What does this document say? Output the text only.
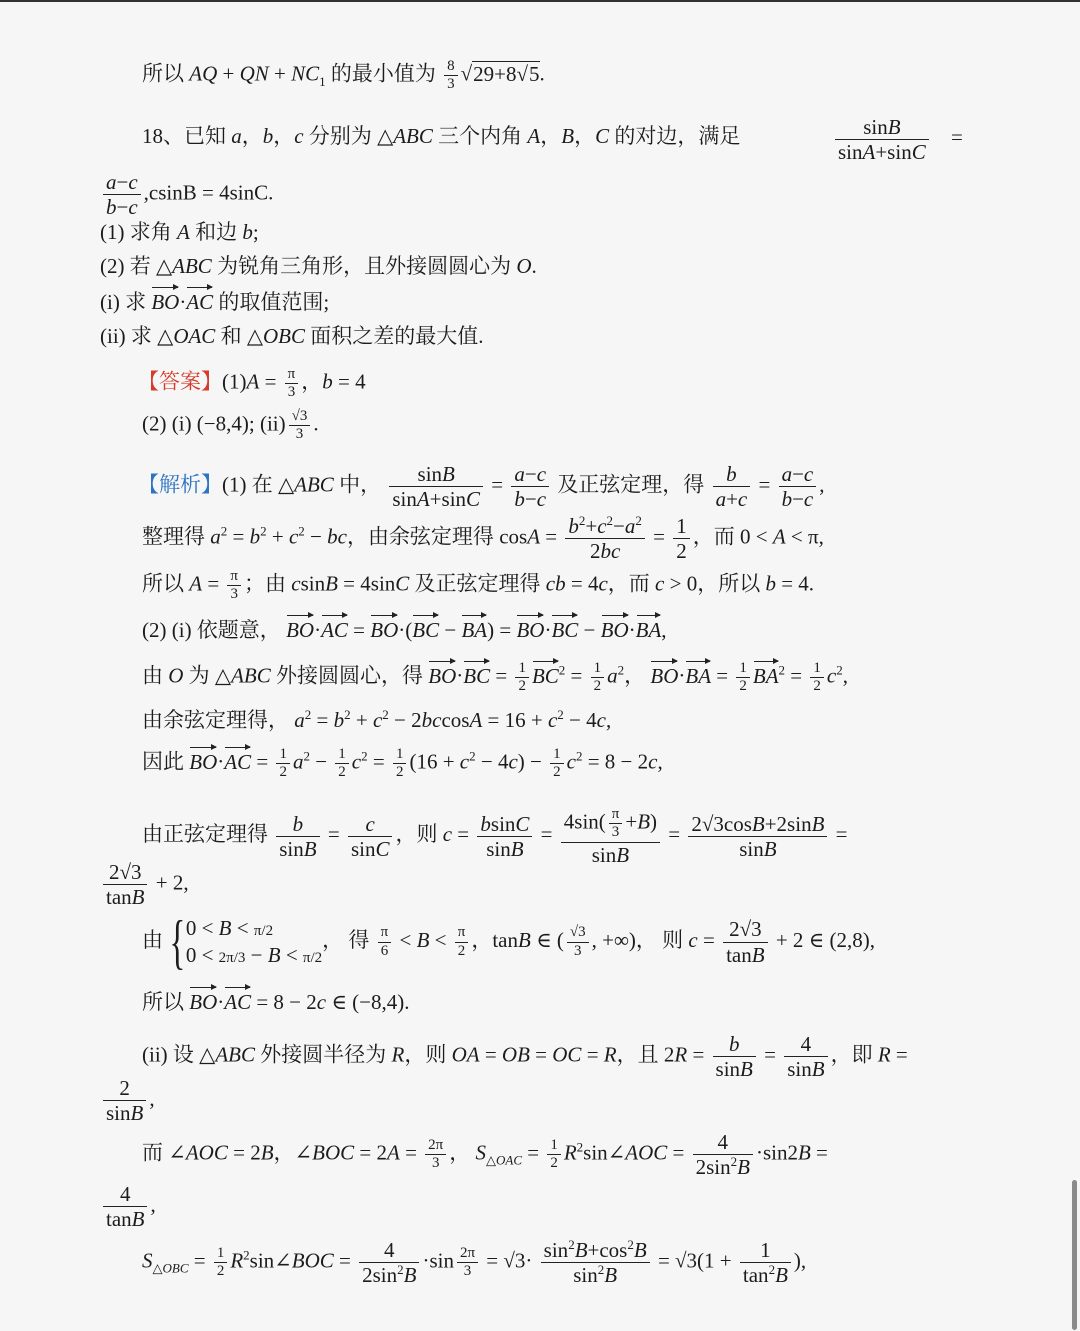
所以 AQ + QN + $NC_1$ 的最小值为 $\frac{8}{3} √29+8√5$.
18、已知 a，b，c 分别为 △ABC 三个内角 A，B，C 的对边，满足	$\frac{\sin B}{\sin A+\sin C}$ =
$\frac{a-c}{b-c} ,csinB = 4\sin C$.
(1) 求角 A 和边 b;
(2) 若 △ABC 为锐角三角形，且外接圆圆心为 O.
(i) 求 BO·AC 的取值范围;
(ii) 求 △OAC 和 △OBC 面积之差的最大值.
【答案】$(1)A = \frac{\pi}{3}$ ，b = 4
(2) (i) (−8,4); $(ii) \frac{√3}{3}$ .
【解析】(1) 在 △ABC 中， $\frac{\sin B}{\sin A+\sin C} = \frac{a-c}{b-c}$ 及正弦定理，得 $\frac{b}{a+c} = \frac{a-c}{b-c}$ ,
整理得 $a^2 = b^2 + c^2$ − bc，由余弦定理得 $\cos A = \frac{b^2+c^2-a^2}{2bc} = \frac{1}{2}$ ，而 0 < A < π,
所以 $A = \frac{\pi}{3}$ ；由 csinB = 4sinC 及正弦定理得 cb = 4c，而 c > 0，所以 b = 4.
(2) (i) 依题意， BO·AC = BO·(BC − BA) = BO·BC − BO·BA,
由 O 为 △ABC 外接圆圆心，得 $BO\cdot BC = \frac{1}{2} BC^2 = \frac{1}{2} a^2$， $BO\cdot BA = \frac{1}{2} BA^2 = \frac{1}{2} c^2$,
由余弦定理得， $a^2 = b^2 + c^2 - 2bccosA = 16 + c^2 - 4c$,
因此 $BO\cdot AC = \frac{1}{2} a^2 - \frac{1}{2} c^2 = \frac{1}{2} (16 + c^2 - 4c) - \frac{1}{2} c^2 = 8 - 2c$,
由正弦定理得 $\frac{b}{\sin B} = \frac{c}{\sin C}$ ，则 $c = \frac{bsinC}{\sin B} = \frac{4\sin( \frac{\pi}{3} +B)}{\sin B} = \frac{2√3\cos B+2\sin B}{\sin B}$ =
$\frac{2√3}{\tan B} + 2$,
由 { 0 < B < π/2
0 < 2π/3 − B < π/2
， 得 $\frac{\pi}{6} < B < \frac{\pi}{2}$ ，tanB ∈ ( $\frac{√3}{3}$ , +∞)， 则 $c = \frac{2√3}{\tan B} + 2$ ∈ (2,8),
所以 BO·AC = 8 − 2c ∈ (−8,4).
(ii) 设 △ABC 外接圆半径为 R，则 OA = OB = OC = R，且 $2R = \frac{b}{\sin B} = \frac{4}{\sin B}$ ，即 R =
$\frac{2}{\sin B}$ ,
而 ∠AOC = 2B，∠BOC = $2A = \frac{2\pi}{3}$ ， $S_{\triangle OAC} = \frac{1}{2}$ $R^2\sin\angle AOC = \frac{4}{2\sin^2B} \cdot\sin 2B$ =
$\frac{4}{\tan B}$ ,
$S_{\triangle OBC} = \frac{1}{2}$ $R^2\sin\angle BOC = \frac{4}{2\sin^2B} \cdot\sin \frac{2\pi}{3} = √3\cdot \frac{\sin^2B+\cos^2B}{\sin^2B} = √3(1 + \frac{1}{\tan^2B}$ ),
